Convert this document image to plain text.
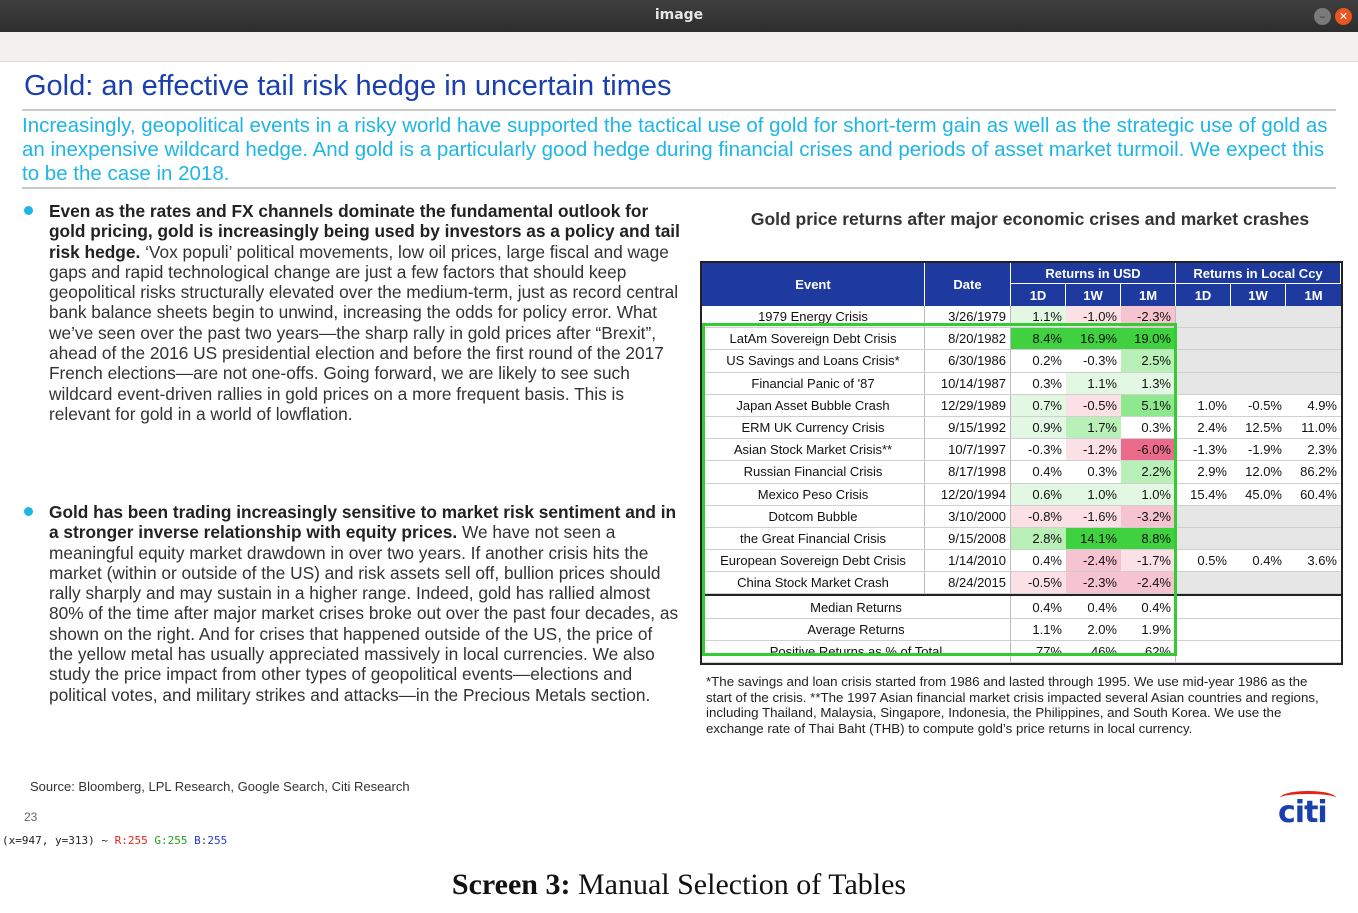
image	–	✕
Gold: an effective tail risk hedge in uncertain times
Increasingly, geopolitical events in a risky world have supported the tactical use of gold for short-term gain as well as the strategic use of gold as an inexpensive wildcard hedge. And gold is a particularly good hedge during financial crises and periods of asset market turmoil. We expect this to be the case in 2018.
Even as the rates and FX channels dominate the fundamental outlook for gold pricing, gold is increasingly being used by investors as a policy and tail risk hedge. ‘Vox populi’ political movements, low oil prices, large fiscal and wage gaps and rapid technological change are just a few factors that should keep geopolitical risks structurally elevated over the medium-term, just as record central bank balance sheets begin to unwind, increasing the odds for policy error. What we’ve seen over the past two years—the sharp rally in gold prices after “Brexit”, ahead of the 2016 US presidential election and before the first round of the 2017 French elections—are not one-offs. Going forward, we are likely to see such wildcard event-driven rallies in gold prices on a more frequent basis. This is relevant for gold in a world of lowflation.
Gold has been trading increasingly sensitive to market risk sentiment and in a stronger inverse relationship with equity prices. We have not seen a meaningful equity market drawdown in over two years. If another crisis hits the market (within or outside of the US) and risk assets sell off, bullion prices should rally sharply and may sustain in a higher range. Indeed, gold has rallied almost 80% of the time after major market crises broke out over the past four decades, as shown on the right. And for crises that happened outside of the US, the price of the yellow metal has usually appreciated massively in local currencies. We also study the price impact from other types of geopolitical events—elections and political votes, and military strikes and attacks—in the Precious Metals section.
Gold price returns after major economic crises and market crashes
Event	Date
Returns in USD	Returns in Local Ccy
1D	1W	1M	1D	1W	1M
1979 Energy Crisis	3/26/1979	1.1%	-1.0%	-2.3%
LatAm Sovereign Debt Crisis	8/20/1982	8.4%	16.9%	19.0%
US Savings and Loans Crisis*	6/30/1986	0.2%	-0.3%	2.5%
Financial Panic of '87	10/14/1987	0.3%	1.1%	1.3%
Japan Asset Bubble Crash	12/29/1989	0.7%	-0.5%	5.1%	1.0%	-0.5%	4.9%
ERM UK Currency Crisis	9/15/1992	0.9%	1.7%	0.3%	2.4%	12.5%	11.0%
Asian Stock Market Crisis**	10/7/1997	-0.3%	-1.2%	-6.0%	-1.3%	-1.9%	2.3%
Russian Financial Crisis	8/17/1998	0.4%	0.3%	2.2%	2.9%	12.0%	86.2%
Mexico Peso Crisis	12/20/1994	0.6%	1.0%	1.0%	15.4%	45.0%	60.4%
Dotcom Bubble	3/10/2000	-0.8%	-1.6%	-3.2%
the Great Financial Crisis	9/15/2008	2.8%	14.1%	8.8%
European Sovereign Debt Crisis	1/14/2010	0.4%	-2.4%	-1.7%	0.5%	0.4%	3.6%
China Stock Market Crash	8/24/2015	-0.5%	-2.3%	-2.4%
Median Returns	0.4%	0.4%	0.4%
Average Returns	1.1%	2.0%	1.9%
Positive Returns as % of Total	77%	46%	62%
*The savings and loan crisis started from 1986 and lasted through 1995. We use mid-year 1986 as the start of the crisis. **The 1997 Asian financial market crisis impacted several Asian countries and regions, including Thailand, Malaysia, Singapore, Indonesia, the Philippines, and South Korea. We use the exchange rate of Thai Baht (THB) to compute gold’s price returns in local currency.
Source: Bloomberg, LPL Research, Google Search, Citi Research
23	citi
(x=947, y=313) ~ R:255 G:255 B:255
Screen 3: Manual Selection of Tables
